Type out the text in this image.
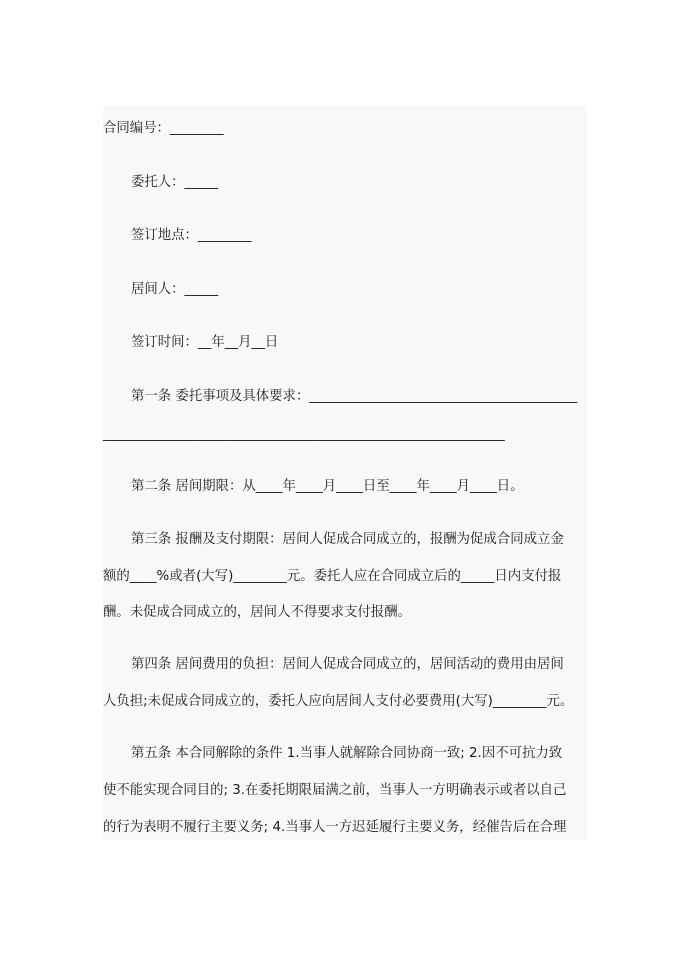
合同编号：________
委托人：_____
签订地点：________
居间人：_____
签订时间：__年__月__日
第一条 委托事项及具体要求：________________________________________
____________________________________________________________
第二条 居间期限：从____年____月____日至____年____月____日。
第三条 报酬及支付期限：居间人促成合同成立的，报酬为促成合同成立金
额的____%或者(大写)________元。委托人应在合同成立后的_____日内支付报
酬。未促成合同成立的，居间人不得要求支付报酬。
第四条 居间费用的负担：居间人促成合同成立的，居间活动的费用由居间
人负担;未促成合同成立的，委托人应向居间人支付必要费用(大写)________元。
第五条 本合同解除的条件 1.当事人就解除合同协商一致; 2.因不可抗力致
使不能实现合同目的; 3.在委托期限届满之前，当事人一方明确表示或者以自己
的行为表明不履行主要义务; 4.当事人一方迟延履行主要义务，经催告后在合理
